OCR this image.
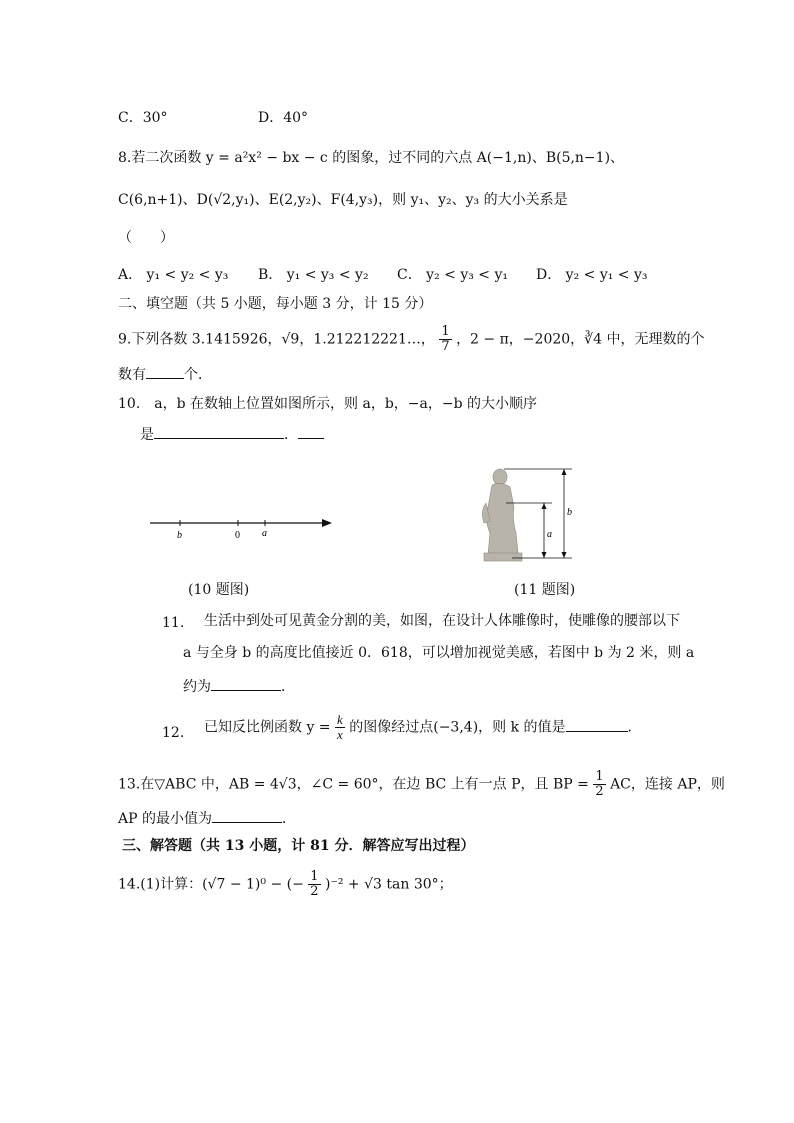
C．30°	D．40°
8.若二次函数 y = a²x² − bx − c 的图象，过不同的六点 A(−1,n)、B(5,n−1)、
C(6,n+1)、D(√2,y₁)、E(2,y₂)、F(4,y₃)，则 y₁、y₂、y₃ 的大小关系是
（　　）
A． y₁ < y₂ < y₃ B． y₁ < y₃ < y₂ C． y₂ < y₃ < y₁ D． y₂ < y₁ < y₃
二、填空题（共 5 小题，每小题 3 分，计 15 分）
9.下列各数 3.1415926，√9，1.212212221…， $\frac{1}{7}$ ，2 − π，−2020，∛4 中，无理数的个
数有	个．
10.　a，b 在数轴上位置如图所示，则 a，b，−a，−b 的大小顺序
是	．
b	0 a
(10 题图)
a
b
(11 题图)
11. 生活中到处可见黄金分割的美，如图，在设计人体雕像时，使雕像的腰部以下
a 与全身 b 的高度比值接近 0．618，可以增加视觉美感，若图中 b 为 2 米，则 a
约为	．
12. 已知反比例函数 $y = \frac{k}{x}$ 的图像经过点(−3,4)，则 k 的值是	．
13.在▽ABC 中，AB = 4√3，∠C = 60°，在边 BC 上有一点 P，且 BP = $\frac{1}{2}$ AC，连接 AP，则
AP 的最小值为	．
三、解答题（共 13 小题，计 81 分．解答应写出过程）
14.(1)计算：(√7 − 1)⁰ − (− $\frac{1}{2} )^{-2} + √3$ tan 30°；
